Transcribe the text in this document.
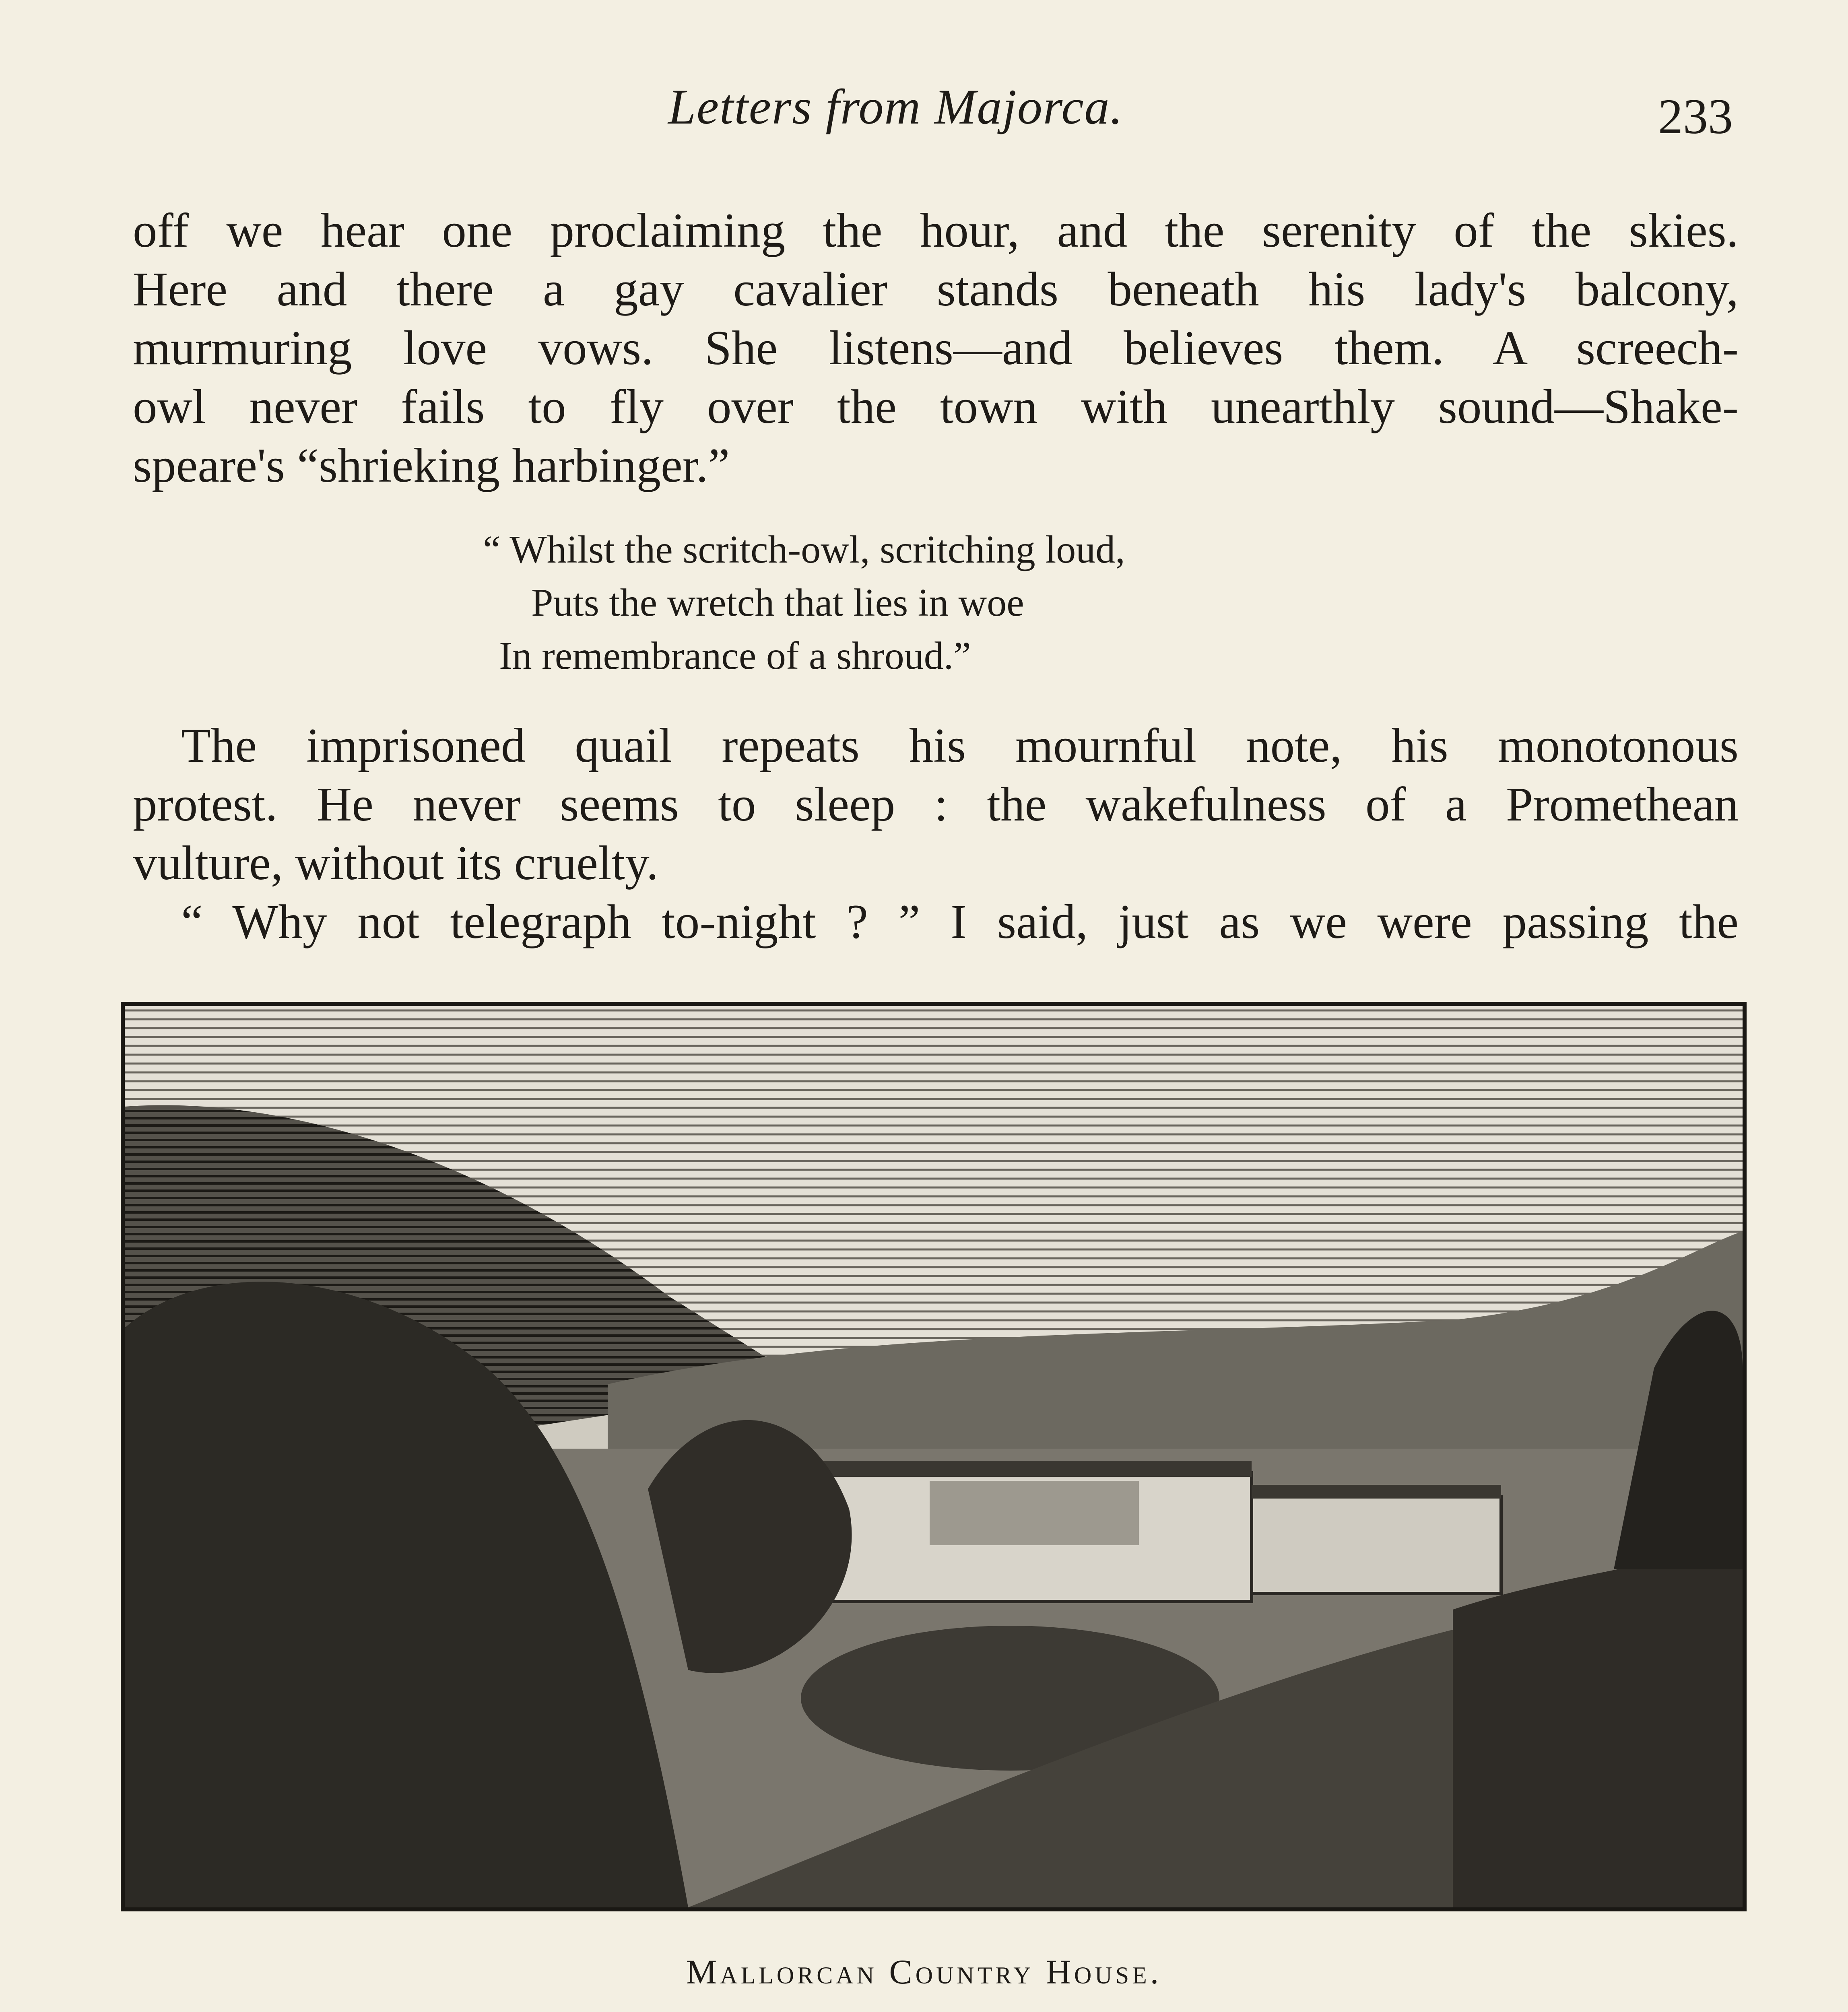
Letters from Majorca.	233

off we hear one proclaiming the hour, and the serenity of the skies.

Here and there a gay cavalier stands beneath his lady's balcony,

murmuring love vows. She listens—and believes them. A screech-

owl never fails to fly over the town with unearthly sound—Shake-

speare's “shrieking harbinger.”

“ Whilst the scritch-owl, scritching loud,

Puts the wretch that lies in woe

In remembrance of a shroud.”

The imprisoned quail repeats his mournful note, his monotonous

protest. He never seems to sleep : the wakefulness of a Promethean

vulture, without its cruelty.

“ Why not telegraph to-night ? ” I said, just as we were passing the

Mallorcan Country House.
